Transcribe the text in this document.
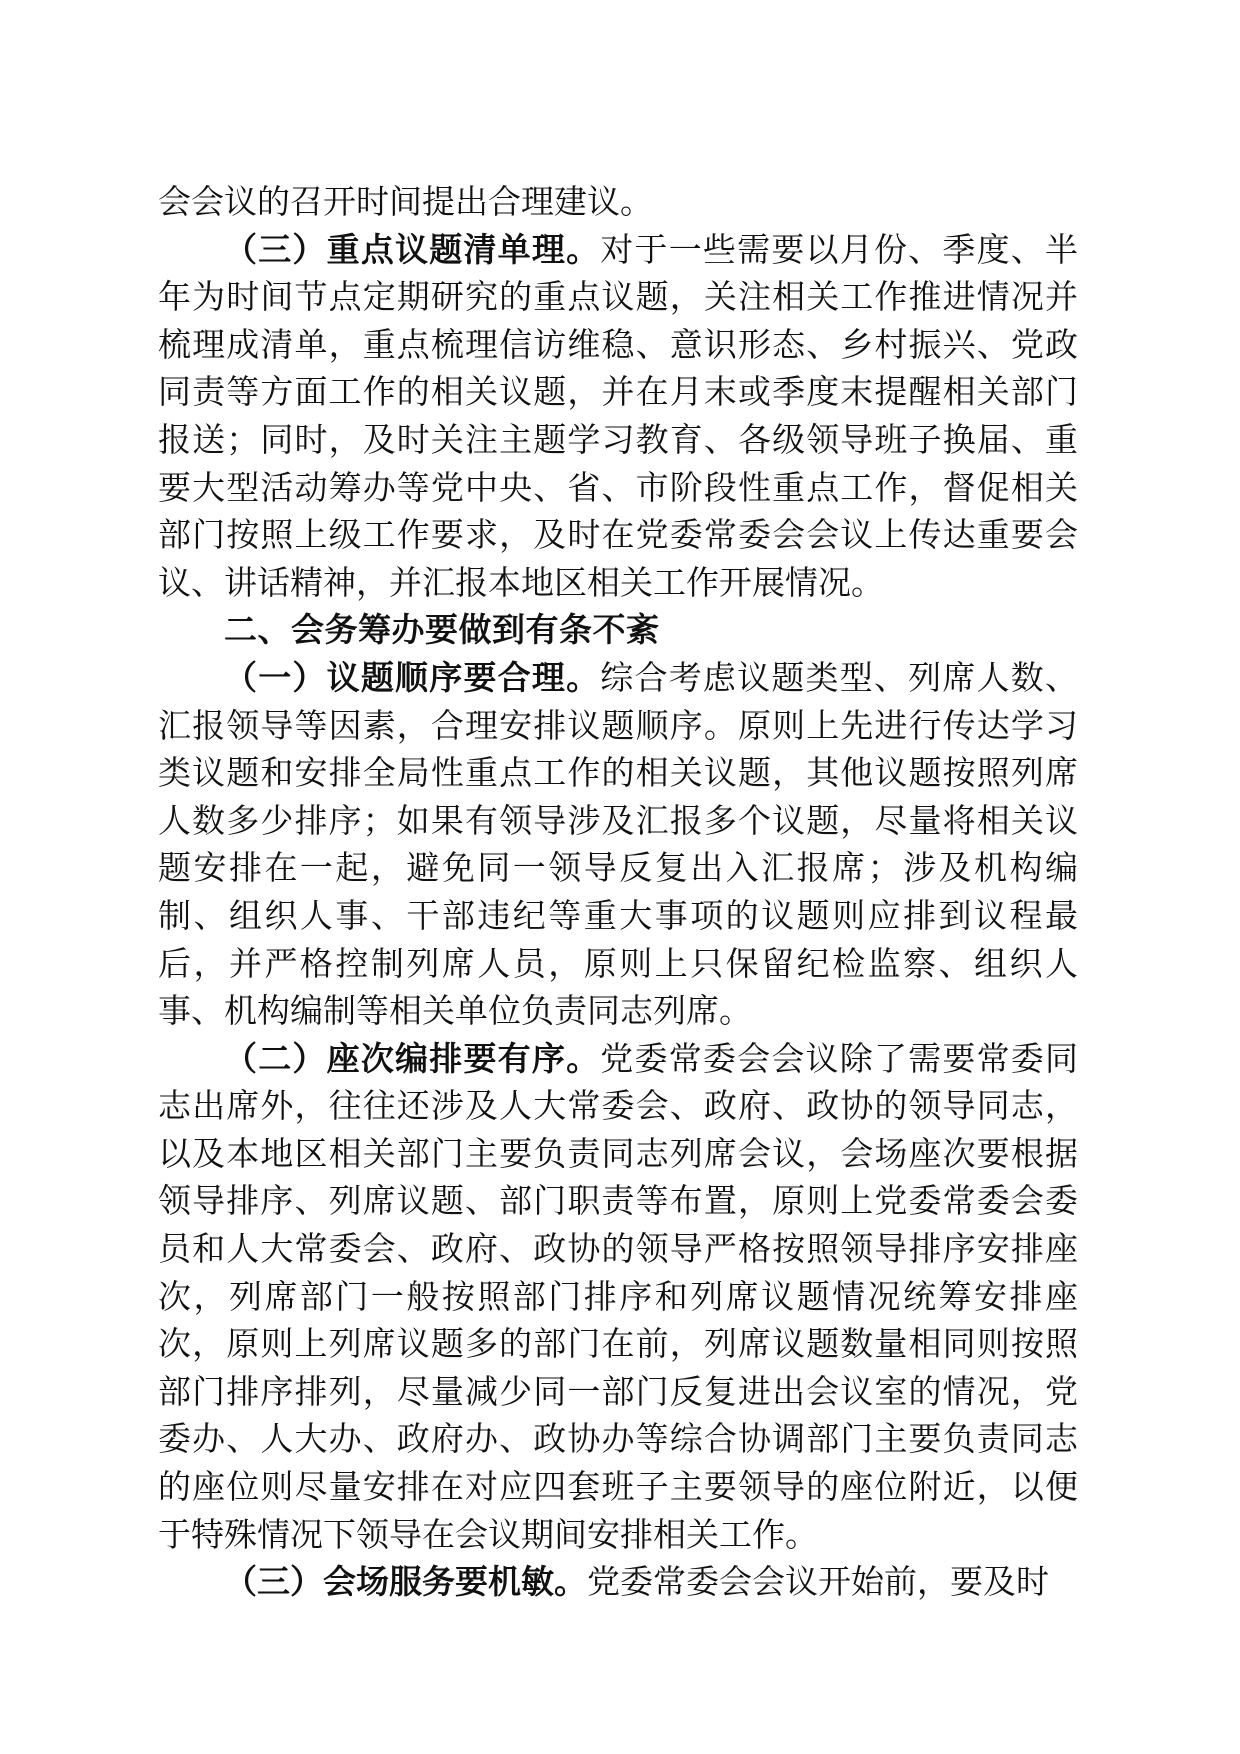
会会议的召开时间提出合理建议。

（三）重点议题清单理。对于一些需要以月份、季度、半年为时间节点定期研究的重点议题，关注相关工作推进情况并梳理成清单，重点梳理信访维稳、意识形态、乡村振兴、党政同责等方面工作的相关议题，并在月末或季度末提醒相关部门报送；同时，及时关注主题学习教育、各级领导班子换届、重要大型活动筹办等党中央、省、市阶段性重点工作，督促相关部门按照上级工作要求，及时在党委常委会会议上传达重要会议、讲话精神，并汇报本地区相关工作开展情况。

二、会务筹办要做到有条不紊

（一）议题顺序要合理。综合考虑议题类型、列席人数、汇报领导等因素，合理安排议题顺序。原则上先进行传达学习类议题和安排全局性重点工作的相关议题，其他议题按照列席人数多少排序；如果有领导涉及汇报多个议题，尽量将相关议题安排在一起，避免同一领导反复出入汇报席；涉及机构编制、组织人事、干部违纪等重大事项的议题则应排到议程最后，并严格控制列席人员，原则上只保留纪检监察、组织人事、机构编制等相关单位负责同志列席。

（二）座次编排要有序。党委常委会会议除了需要常委同志出席外，往往还涉及人大常委会、政府、政协的领导同志，以及本地区相关部门主要负责同志列席会议，会场座次要根据领导排序、列席议题、部门职责等布置，原则上党委常委会委员和人大常委会、政府、政协的领导严格按照领导排序安排座次，列席部门一般按照部门排序和列席议题情况统筹安排座次，原则上列席议题多的部门在前，列席议题数量相同则按照部门排序排列，尽量减少同一部门反复进出会议室的情况，党委办、人大办、政府办、政协办等综合协调部门主要负责同志的座位则尽量安排在对应四套班子主要领导的座位附近，以便于特殊情况下领导在会议期间安排相关工作。

（三）会场服务要机敏。党委常委会会议开始前，要及时
